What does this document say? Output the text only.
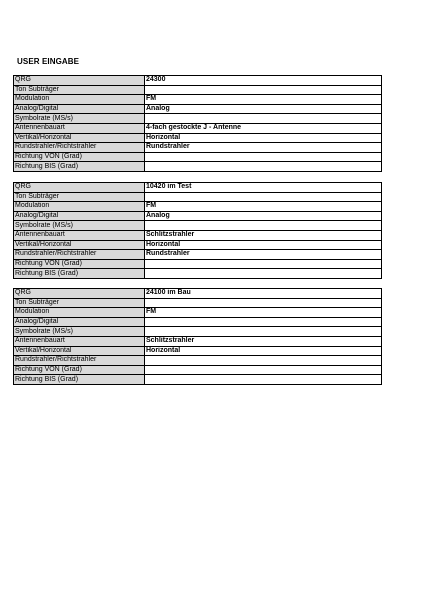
USER EINGABE
QRG	24300
Ton Subträger	
Modulation	FM
Analog/Digital	Analog
Symbolrate (MS/s)	
Antennenbauart	4-fach gestockte J - Antenne
Vertikal/Horizontal	Horizontal
Rundstrahler/Richtstrahler	Rundstrahler
Richtung VON (Grad)	
Richtung BIS (Grad)	
QRG	10420 im Test
Ton Subträger	
Modulation	FM
Analog/Digital	Analog
Symbolrate (MS/s)	
Antennenbauart	Schlitzstrahler
Vertikal/Horizontal	Horizontal
Rundstrahler/Richtstrahler	Rundstrahler
Richtung VON (Grad)	
Richtung BIS (Grad)	
QRG	24100 im Bau
Ton Subträger	
Modulation	FM
Analog/Digital	
Symbolrate (MS/s)	
Antennenbauart	Schlitzstrahler
Vertikal/Horizontal	Horizontal
Rundstrahler/Richtstrahler	
Richtung VON (Grad)	
Richtung BIS (Grad)	
